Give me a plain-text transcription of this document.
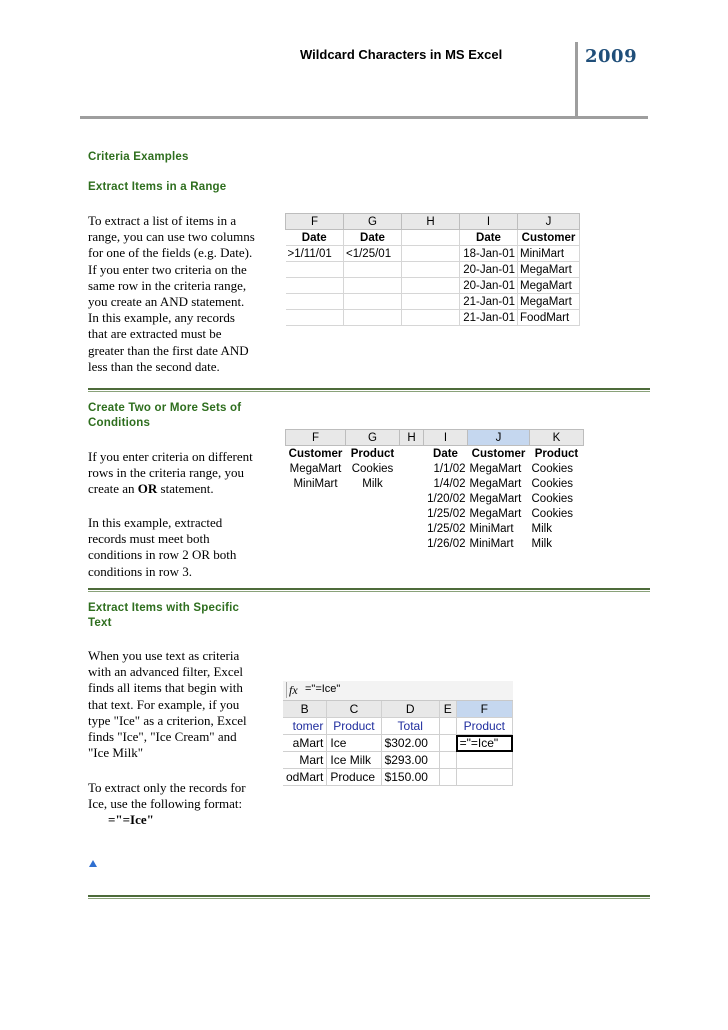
Wildcard Characters in MS Excel	2009
Criteria Examples
Extract Items in a Range
To extract a list of items in a
range, you can use two columns
for one of the fields (e.g. Date).
If you enter two criteria on the
same row in the criteria range,
you create an AND statement.
In this example, any records
that are extracted must be
greater than the first date AND
less than the second date.
F	G	H	I	J
Date	Date		Date	Customer
>1/11/01	<1/25/01		18-Jan-01	MiniMart
			20-Jan-01	MegaMart
			20-Jan-01	MegaMart
			21-Jan-01	MegaMart
			21-Jan-01	FoodMart
Create Two or More Sets of
Conditions
If you enter criteria on different
rows in the criteria range, you
create an OR statement.
In this example, extracted
records must meet both
conditions in row 2 OR both
conditions in row 3.
F	G	H	I	J	K
Customer	Product		Date	Customer	Product
MegaMart	Cookies		1/1/02	MegaMart	Cookies
MiniMart	Milk		1/4/02	MegaMart	Cookies
			1/20/02	MegaMart	Cookies
			1/25/02	MegaMart	Cookies
			1/25/02	MiniMart	Milk
			1/26/02	MiniMart	Milk
Extract Items with Specific
Text
When you use text as criteria
with an advanced filter, Excel
finds all items that begin with
that text. For example, if you
type "Ice" as a criterion, Excel
finds "Ice", "Ice Cream" and
"Ice Milk"
To extract only the records for
Ice, use the following format:
="=Ice"
fx ="=Ice"
B	C	D	E	F
tomer	Product	Total		Product
aMart	Ice	$302.00		="=Ice"
Mart	Ice Milk	$293.00		
odMart	Produce	$150.00		
